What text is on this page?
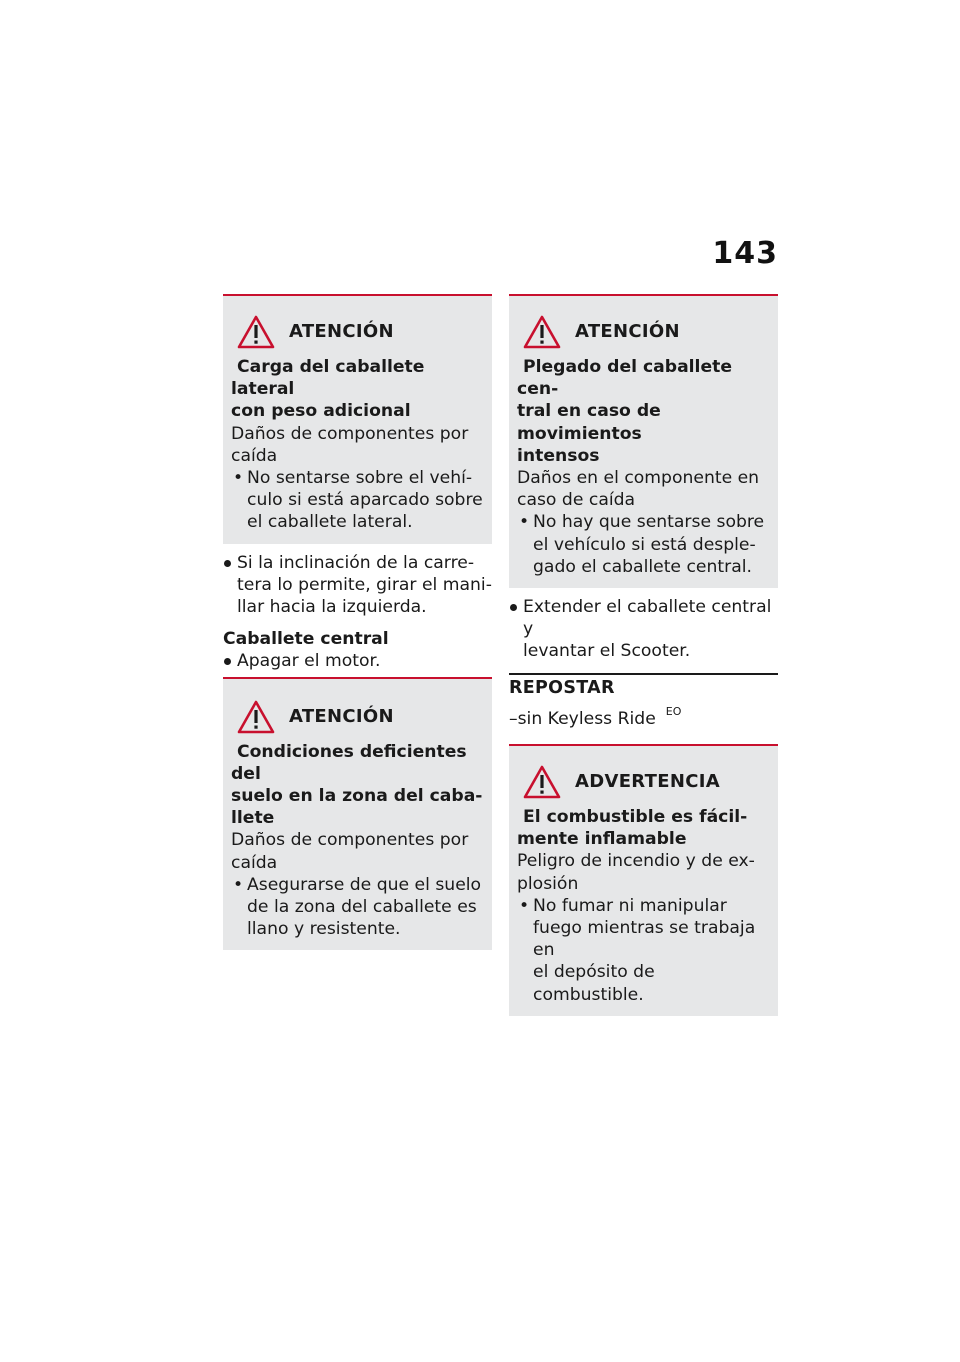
143
ATENCIÓN
Carga del caballete lateral
con peso adicional
Daños de componentes por
caída
• No sentarse sobre el vehí-
culo si está aparcado sobre
el caballete lateral.
Si la inclinación de la carre-
tera lo permite, girar el mani-
llar hacia la izquierda.
Caballete central
Apagar el motor.
ATENCIÓN
Condiciones deficientes del
suelo en la zona del caba-
llete
Daños de componentes por
caída
• Asegurarse de que el suelo
de la zona del caballete es
llano y resistente.
ATENCIÓN
Plegado del caballete cen-
tral en caso de movimientos
intensos
Daños en el componente en
caso de caída
• No hay que sentarse sobre
el vehículo si está desple-
gado el caballete central.
Extender el caballete central y
levantar el Scooter.
REPOSTAR
–sin Keyless Ride $^{EO}$
ADVERTENCIA
El combustible es fácil-
mente inflamable
Peligro de incendio y de ex-
plosión
• No fumar ni manipular
fuego mientras se trabaja en
el depósito de combustible.
